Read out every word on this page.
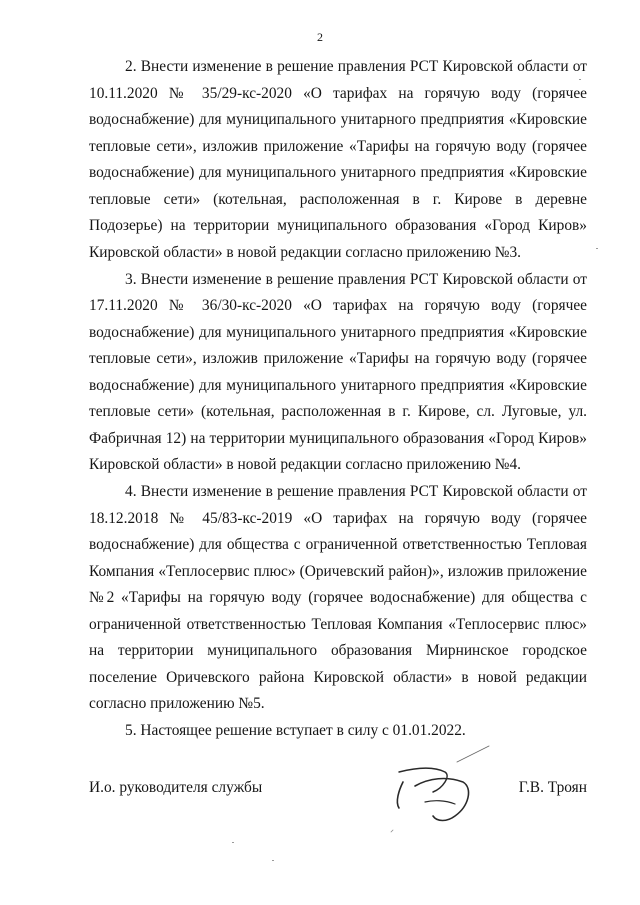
2

2. Внести изменение в решение правления РСТ Кировской области от 10.11.2020 № 35/29-кс-2020 «О тарифах на горячую воду (горячее водоснабжение) для муниципального унитарного предприятия «Кировские тепловые сети», изложив приложение «Тарифы на горячую воду (горячее водоснабжение) для муниципального унитарного предприятия «Кировские тепловые сети» (котельная, расположенная в г. Кирове в деревне Подозерье) на территории муниципального образования «Город Киров» Кировской области» в новой редакции согласно приложению №3.

3. Внести изменение в решение правления РСТ Кировской области от 17.11.2020 № 36/30-кс-2020 «О тарифах на горячую воду (горячее водоснабжение) для муниципального унитарного предприятия «Кировские тепловые сети», изложив приложение «Тарифы на горячую воду (горячее водоснабжение) для муниципального унитарного предприятия «Кировские тепловые сети» (котельная, расположенная в г. Кирове, сл. Луговые, ул. Фабричная 12) на территории муниципального образования «Город Киров» Кировской области» в новой редакции согласно приложению №4.

4. Внести изменение в решение правления РСТ Кировской области от 18.12.2018 № 45/83-кс-2019 «О тарифах на горячую воду (горячее водоснабжение) для общества с ограниченной ответственностью Тепловая Компания «Теплосервис плюс» (Оричевский район)», изложив приложение №2 «Тарифы на горячую воду (горячее водоснабжение) для общества с ограниченной ответственностью Тепловая Компания «Теплосервис плюс» на территории муниципального образования Мирнинское городское поселение Оричевского района Кировской области» в новой редакции согласно приложению №5.

5. Настоящее решение вступает в силу с 01.01.2022.

И.о. руководителя службы	Г.В. Троян
